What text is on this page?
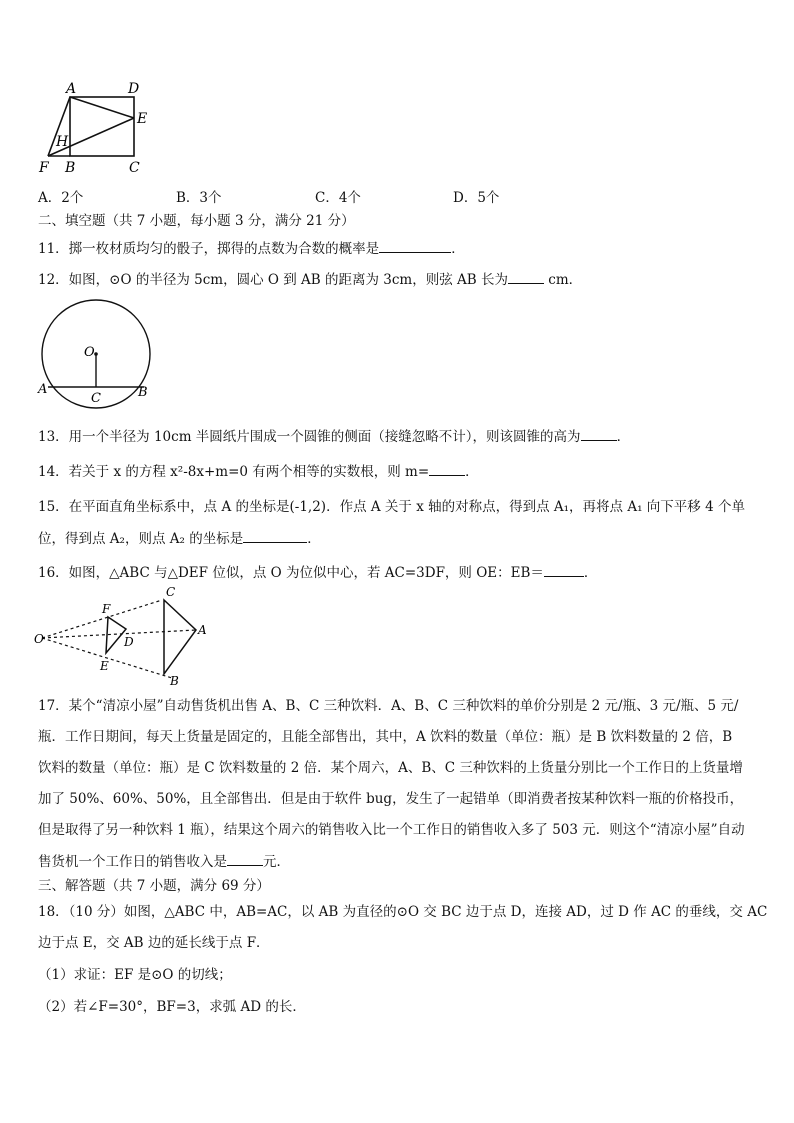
A	D
E
H
F B	C
A．2个	B．3个	C．4个	D．5个
二、填空题（共 7 小题，每小题 3 分，满分 21 分）
11．掷一枚材质均匀的骰子，掷得的点数为合数的概率是	．
12．如图，⊙O 的半径为 5cm，圆心 O 到 AB 的距离为 3cm，则弦 AB 长为	cm．
O
A
C	B
13．用一个半径为 10cm 半圆纸片围成一个圆锥的侧面（接缝忽略不计），则该圆锥的高为	．
14．若关于 x 的方程 x²-8x+m=0 有两个相等的实数根，则 m=	．
15．在平面直角坐标系中，点 A 的坐标是(-1,2)．作点 A 关于 x 轴的对称点，得到点 A₁，再将点 A₁ 向下平移 4 个单
位，得到点 A₂，则点 A₂ 的坐标是	．
16．如图，△ABC 与△DEF 位似，点 O 为位似中心，若 AC=3DF，则 OE：EB＝	．
C
F
O	D
A
E
B
17．某个“清凉小屋”自动售货机出售 A、B、C 三种饮料．A、B、C 三种饮料的单价分别是 2 元/瓶、3 元/瓶、5 元/
瓶．工作日期间，每天上货量是固定的，且能全部售出，其中，A 饮料的数量（单位：瓶）是 B 饮料数量的 2 倍，B
饮料的数量（单位：瓶）是 C 饮料数量的 2 倍．某个周六，A、B、C 三种饮料的上货量分别比一个工作日的上货量增
加了 50%、60%、50%，且全部售出．但是由于软件 bug，发生了一起错单（即消费者按某种饮料一瓶的价格投币，
但是取得了另一种饮料 1 瓶），结果这个周六的销售收入比一个工作日的销售收入多了 503 元．则这个“清凉小屋”自动
售货机一个工作日的销售收入是	元．
三、解答题（共 7 小题，满分 69 分）
18．（10 分）如图，△ABC 中，AB=AC，以 AB 为直径的⊙O 交 BC 边于点 D，连接 AD，过 D 作 AC 的垂线，交 AC
边于点 E，交 AB 边的延长线于点 F．
（1）求证：EF 是⊙O 的切线；
（2）若∠F=30°，BF=3，求弧 AD 的长．
